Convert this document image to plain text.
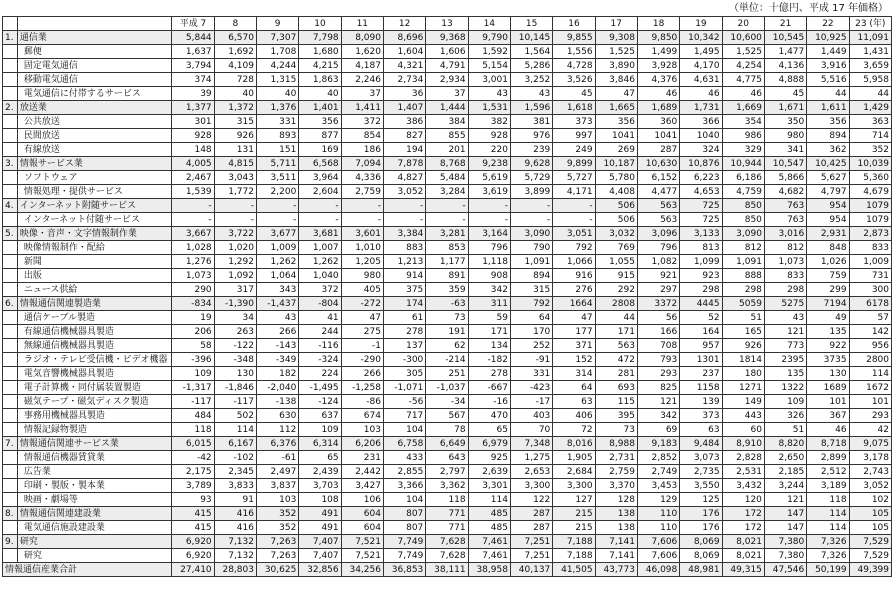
（単位：十億円、平成 17 年価格）
		平成 7	8	9	10	11	12	13	14	15	16	17	18	19	20	21	22	23 (年)
1.	通信業	5,844	6,570	7,307	7,798	8,090	8,696	9,368	9,790	10,145	9,855	9,308	9,850	10,342	10,600	10,545	10,925	11,091
	郵便	1,637	1,692	1,708	1,680	1,620	1,604	1,606	1,592	1,564	1,556	1,525	1,499	1,495	1,525	1,477	1,449	1,431
	固定電気通信	3,794	4,109	4,244	4,215	4,187	4,321	4,791	5,154	5,286	4,728	3,890	3,928	4,170	4,254	4,136	3,916	3,659
	移動電気通信	374	728	1,315	1,863	2,246	2,734	2,934	3,001	3,252	3,526	3,846	4,376	4,631	4,775	4,888	5,516	5,958
	電気通信に付帯するサービス	39	40	40	40	37	36	37	43	43	45	47	46	46	46	45	44	44
2.	放送業	1,377	1,372	1,376	1,401	1,411	1,407	1,444	1,531	1,596	1,618	1,665	1,689	1,731	1,669	1,671	1,611	1,429
	公共放送	301	315	331	356	372	386	384	382	381	373	356	360	366	354	350	356	363
	民間放送	928	926	893	877	854	827	855	928	976	997	1041	1041	1040	986	980	894	714
	有線放送	148	131	151	169	186	194	201	220	239	249	269	287	324	329	341	362	352
3.	情報サービス業	4,005	4,815	5,711	6,568	7,094	7,878	8,768	9,238	9,628	9,899	10,187	10,630	10,876	10,944	10,547	10,425	10,039
	ソフトウェア	2,467	3,043	3,511	3,964	4,336	4,827	5,484	5,619	5,729	5,727	5,780	6,152	6,223	6,186	5,866	5,627	5,360
	情報処理・提供サービス	1,539	1,772	2,200	2,604	2,759	3,052	3,284	3,619	3,899	4,171	4,408	4,477	4,653	4,759	4,682	4,797	4,679
4.	インターネット附随サービス	-	-	-	-	-	-	-	-	-	-	506	563	725	850	763	954	1079
	インターネット付随サービス	-	-	-	-	-	-	-	-	-	-	506	563	725	850	763	954	1079
5.	映像・音声・文字情報制作業	3,667	3,722	3,677	3,681	3,601	3,384	3,281	3,164	3,090	3,051	3,032	3,096	3,133	3,090	3,016	2,931	2,873
	映像情報制作・配給	1,028	1,020	1,009	1,007	1,010	883	853	796	790	792	769	796	813	812	812	848	833
	新聞	1,276	1,292	1,262	1,262	1,205	1,213	1,177	1,118	1,091	1,066	1,055	1,082	1,099	1,091	1,073	1,026	1,009
	出版	1,073	1,092	1,064	1,040	980	914	891	908	894	916	915	921	923	888	833	759	731
	ニュース供給	290	317	343	372	405	375	359	342	315	276	292	297	298	298	298	299	300
6.	情報通信関連製造業	-834	-1,390	-1,437	-804	-272	174	-63	311	792	1664	2808	3372	4445	5059	5275	7194	6178
	通信ケーブル製造	19	34	43	41	47	61	73	59	64	47	44	56	52	51	43	49	57
	有線通信機械器具製造	206	263	266	244	275	278	191	171	170	177	171	166	164	165	121	135	142
	無線通信機械器具製造	58	-122	-143	-116	-1	137	62	134	252	371	563	708	957	926	773	922	956
	ラジオ・テレビ受信機・ビデオ機器	-396	-348	-349	-324	-290	-300	-214	-182	-91	152	472	793	1301	1814	2395	3735	2800
	電気音響機械器具製造	109	130	182	224	266	305	251	278	331	314	281	293	237	180	135	130	114
	電子計算機・同付属装置製造	-1,317	-1,846	-2,040	-1,495	-1,258	-1,071	-1,037	-667	-423	64	693	825	1158	1271	1322	1689	1672
	磁気テープ・磁気ディスク製造	-117	-117	-138	-124	-86	-56	-34	-16	-17	63	115	121	139	149	109	101	101
	事務用機械器具製造	484	502	630	637	674	717	567	470	403	406	395	342	373	443	326	367	293
	情報記録物製造	118	114	112	109	103	104	78	65	70	72	73	69	63	60	51	46	42
7.	情報通信関連サービス業	6,015	6,167	6,376	6,314	6,206	6,758	6,649	6,979	7,348	8,016	8,988	9,183	9,484	8,910	8,820	8,718	9,075
	情報通信機器賃貸業	-42	-102	-61	65	231	433	643	925	1,275	1,905	2,731	2,852	3,073	2,828	2,650	2,899	3,178
	広告業	2,175	2,345	2,497	2,439	2,442	2,855	2,797	2,639	2,653	2,684	2,759	2,749	2,735	2,531	2,185	2,512	2,743
	印刷・製版・製本業	3,789	3,833	3,837	3,703	3,427	3,366	3,362	3,301	3,300	3,300	3,370	3,453	3,550	3,432	3,244	3,189	3,052
	映画・劇場等	93	91	103	108	106	104	118	114	122	127	128	129	125	120	121	118	102
8.	情報通信関連建設業	415	416	352	491	604	807	771	485	287	215	138	110	176	172	147	114	105
	電気通信施設建設業	415	416	352	491	604	807	771	485	287	215	138	110	176	172	147	114	105
9.	研究	6,920	7,132	7,263	7,407	7,521	7,749	7,628	7,461	7,251	7,188	7,141	7,606	8,069	8,021	7,380	7,326	7,529
	研究	6,920	7,132	7,263	7,407	7,521	7,749	7,628	7,461	7,251	7,188	7,141	7,606	8,069	8,021	7,380	7,326	7,529
情報通信産業合計		27,410	28,803	30,625	32,856	34,256	36,853	38,111	38,958	40,137	41,505	43,773	46,098	48,981	49,315	47,546	50,199	49,399
